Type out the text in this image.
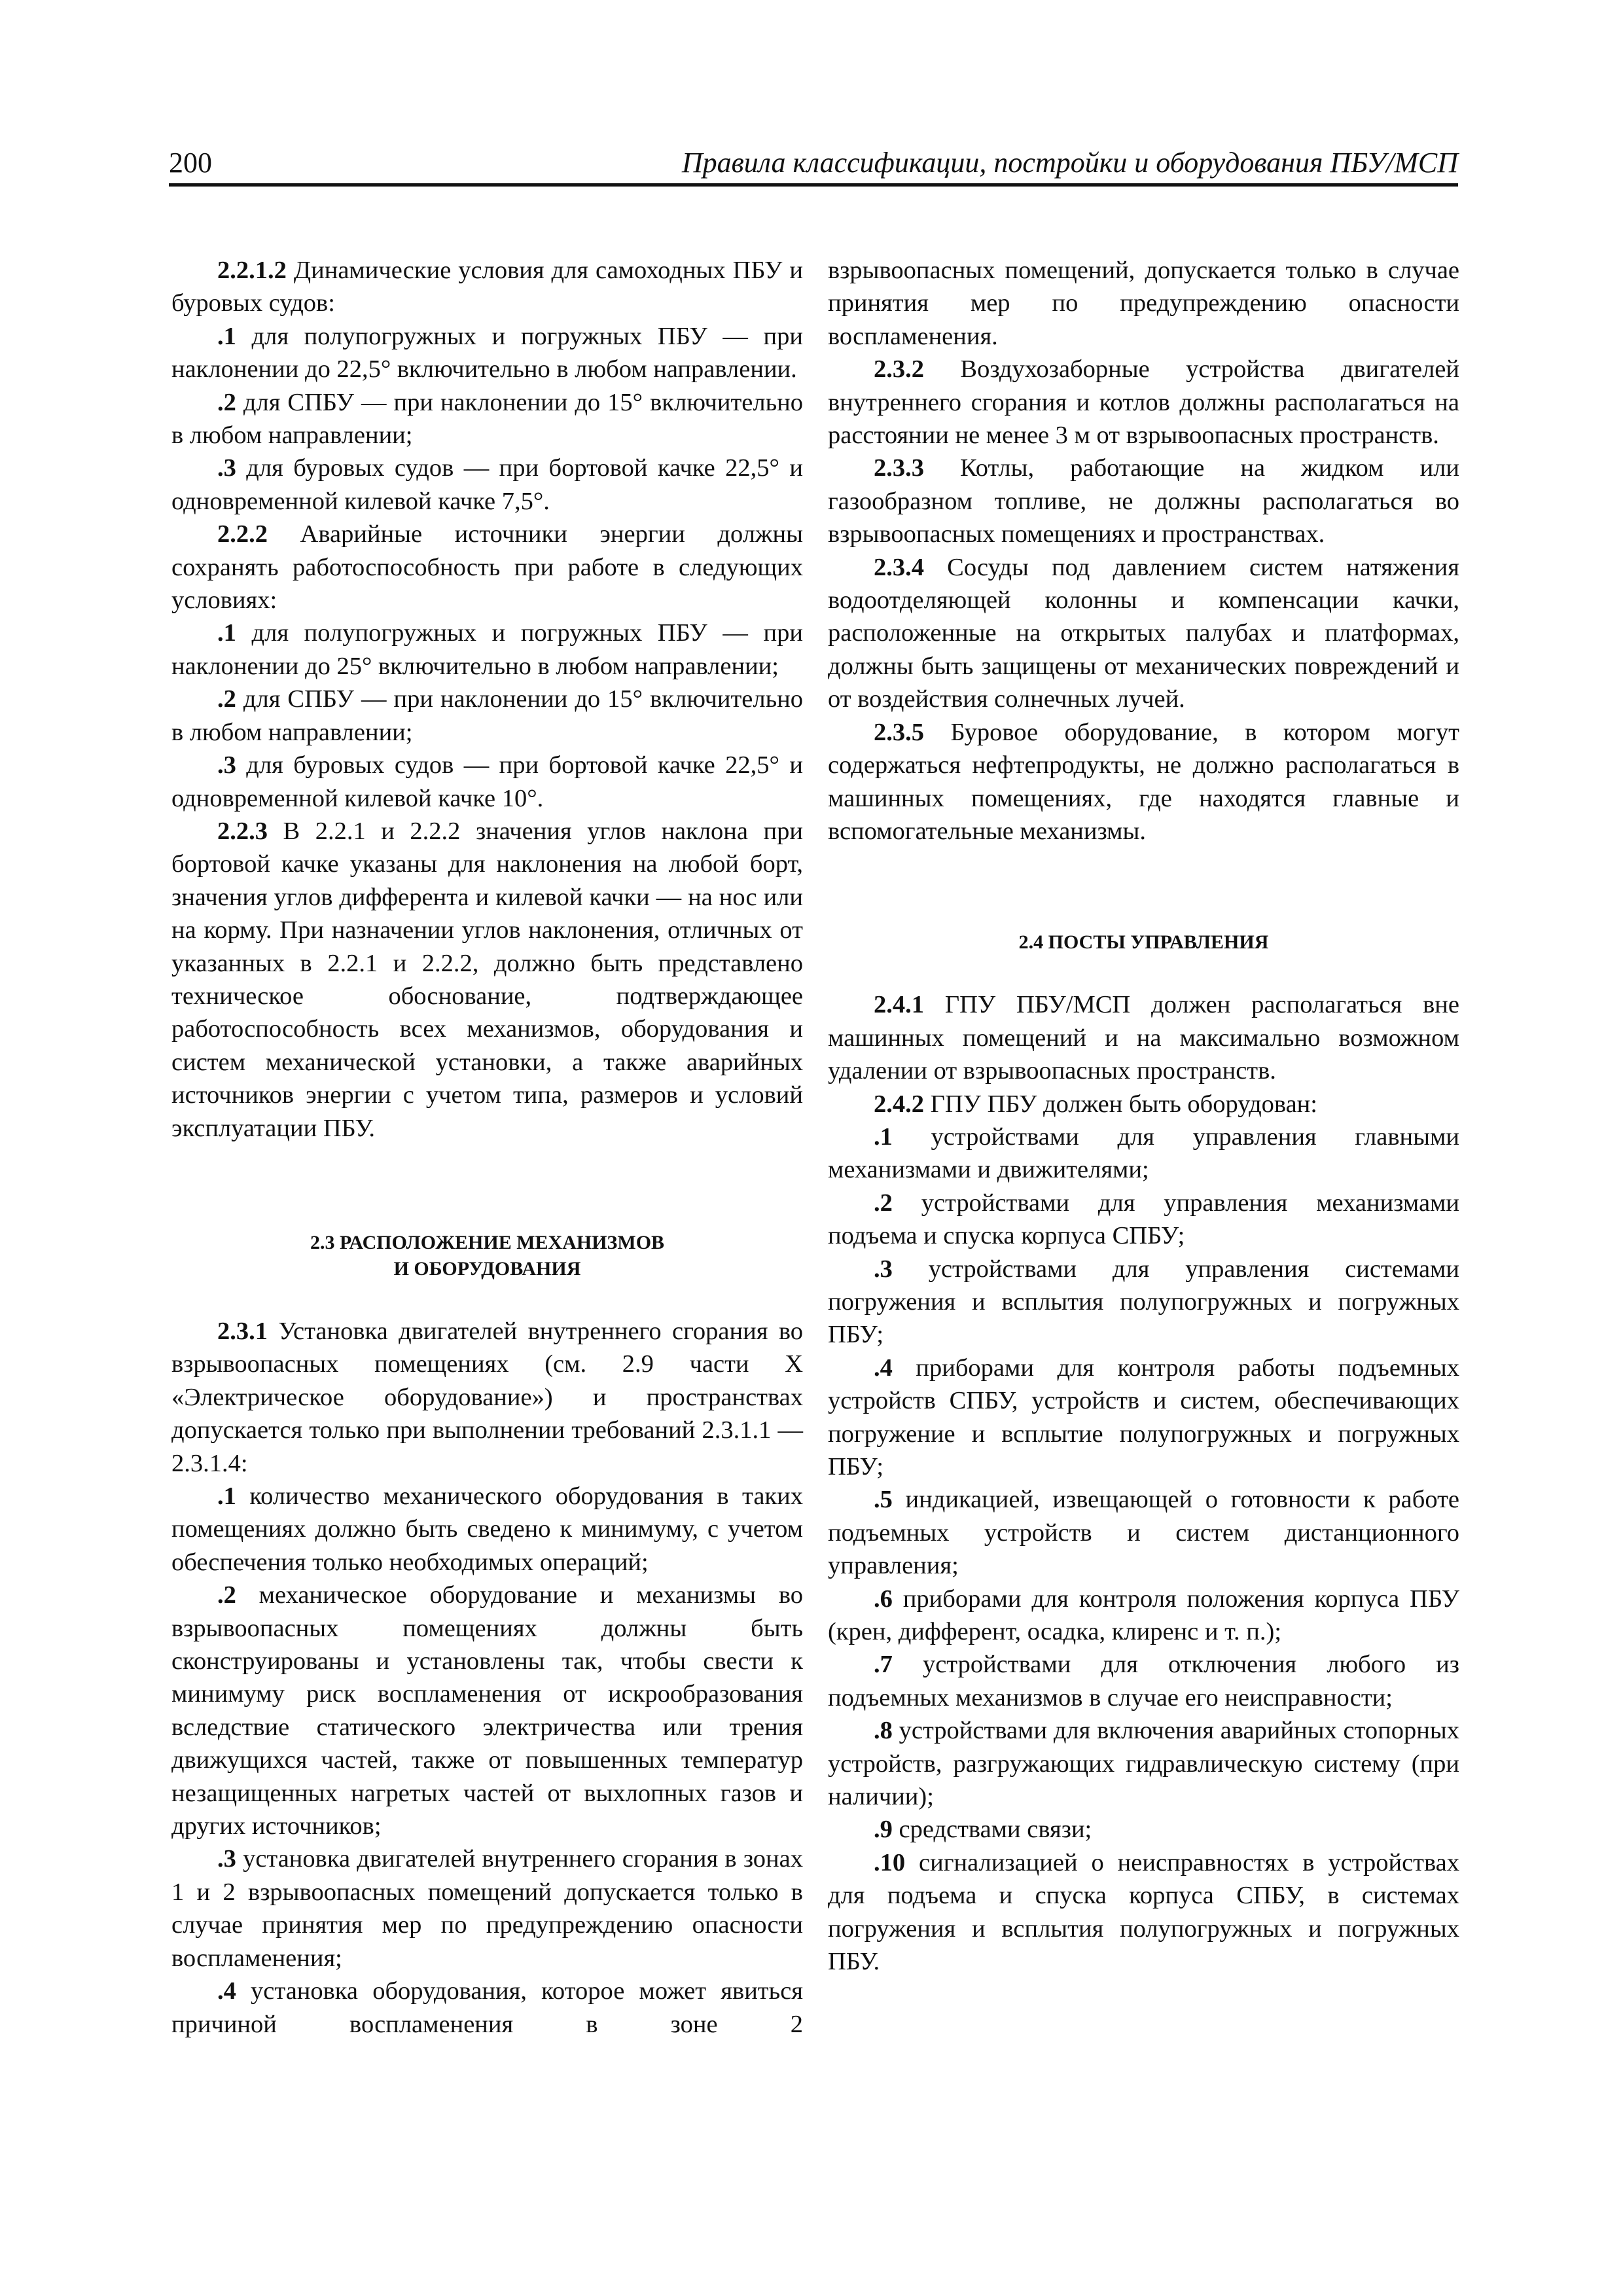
200	Правила классификации, постройки и оборудования ПБУ/МСП

2.2.1.2 Динамические условия для самоходных ПБУ и буровых судов:

.1 для полупогружных и погружных ПБУ — при наклонении до 22,5° включительно в любом направлении.

.2 для СПБУ — при наклонении до 15° включительно в любом направлении;

.3 для буровых судов — при бортовой качке 22,5° и одновременной килевой качке 7,5°.

2.2.2 Аварийные источники энергии должны сохранять работоспособность при работе в следующих условиях:

.1 для полупогружных и погружных ПБУ — при наклонении до 25° включительно в любом направлении;

.2 для СПБУ — при наклонении до 15° включительно в любом направлении;

.3 для буровых судов — при бортовой качке 22,5° и одновременной килевой качке 10°.

2.2.3 В 2.2.1 и 2.2.2 значения углов наклона при бортовой качке указаны для наклонения на любой борт, значения углов дифферента и килевой качки — на нос или на корму. При назначении углов наклонения, отличных от указанных в 2.2.1 и 2.2.2, должно быть представлено техническое обоснование, подтверждающее работоспособность всех механизмов, оборудования и систем механической установки, а также аварийных источников энергии с учетом типа, размеров и условий эксплуатации ПБУ.

2.3 РАСПОЛОЖЕНИЕ МЕХАНИЗМОВ
И ОБОРУДОВАНИЯ

2.3.1 Установка двигателей внутреннего сгорания во взрывоопасных помещениях (см. 2.9 части X «Электрическое оборудование») и пространствах допускается только при выполнении требований 2.3.1.1 — 2.3.1.4:

.1 количество механического оборудования в таких помещениях должно быть сведено к минимуму, с учетом обеспечения только необходимых операций;

.2 механическое оборудование и механизмы во взрывоопасных помещениях должны быть сконструированы и установлены так, чтобы свести к минимуму риск воспламенения от искрообразования вследствие статического электричества или трения движущихся частей, также от повышенных температур незащищенных нагретых частей от выхлопных газов и других источников;

.3 установка двигателей внутреннего сгорания в зонах 1 и 2 взрывоопасных помещений допускается только в случае принятия мер по предупреждению опасности воспламенения;

.4 установка оборудования, которое может явиться причиной воспламенения в зоне 2

взрывоопасных помещений, допускается только в случае принятия мер по предупреждению опасности воспламенения.

2.3.2 Воздухозаборные устройства двигателей внутреннего сгорания и котлов должны располагаться на расстоянии не менее 3 м от взрывоопасных пространств.

2.3.3 Котлы, работающие на жидком или газообразном топливе, не должны располагаться во взрывоопасных помещениях и пространствах.

2.3.4 Сосуды под давлением систем натяжения водоотделяющей колонны и компенсации качки, расположенные на открытых палубах и платформах, должны быть защищены от механических повреждений и от воздействия солнечных лучей.

2.3.5 Буровое оборудование, в котором могут содержаться нефтепродукты, не должно располагаться в машинных помещениях, где находятся главные и вспомогательные механизмы.

2.4 ПОСТЫ УПРАВЛЕНИЯ

2.4.1 ГПУ ПБУ/МСП должен располагаться вне машинных помещений и на максимально возможном удалении от взрывоопасных пространств.

2.4.2 ГПУ ПБУ должен быть оборудован:

.1 устройствами для управления главными механизмами и движителями;

.2 устройствами для управления механизмами подъема и спуска корпуса СПБУ;

.3 устройствами для управления системами погружения и всплытия полупогружных и погружных ПБУ;

.4 приборами для контроля работы подъемных устройств СПБУ, устройств и систем, обеспечивающих погружение и всплытие полупогружных и погружных ПБУ;

.5 индикацией, извещающей о готовности к работе подъемных устройств и систем дистанционного управления;

.6 приборами для контроля положения корпуса ПБУ (крен, дифферент, осадка, клиренс и т. п.);

.7 устройствами для отключения любого из подъемных механизмов в случае его неисправности;

.8 устройствами для включения аварийных стопорных устройств, разгружающих гидравлическую систему (при наличии);

.9 средствами связи;

.10 сигнализацией о неисправностях в устройствах для подъема и спуска корпуса СПБУ, в системах погружения и всплытия полупогружных и погружных ПБУ.
